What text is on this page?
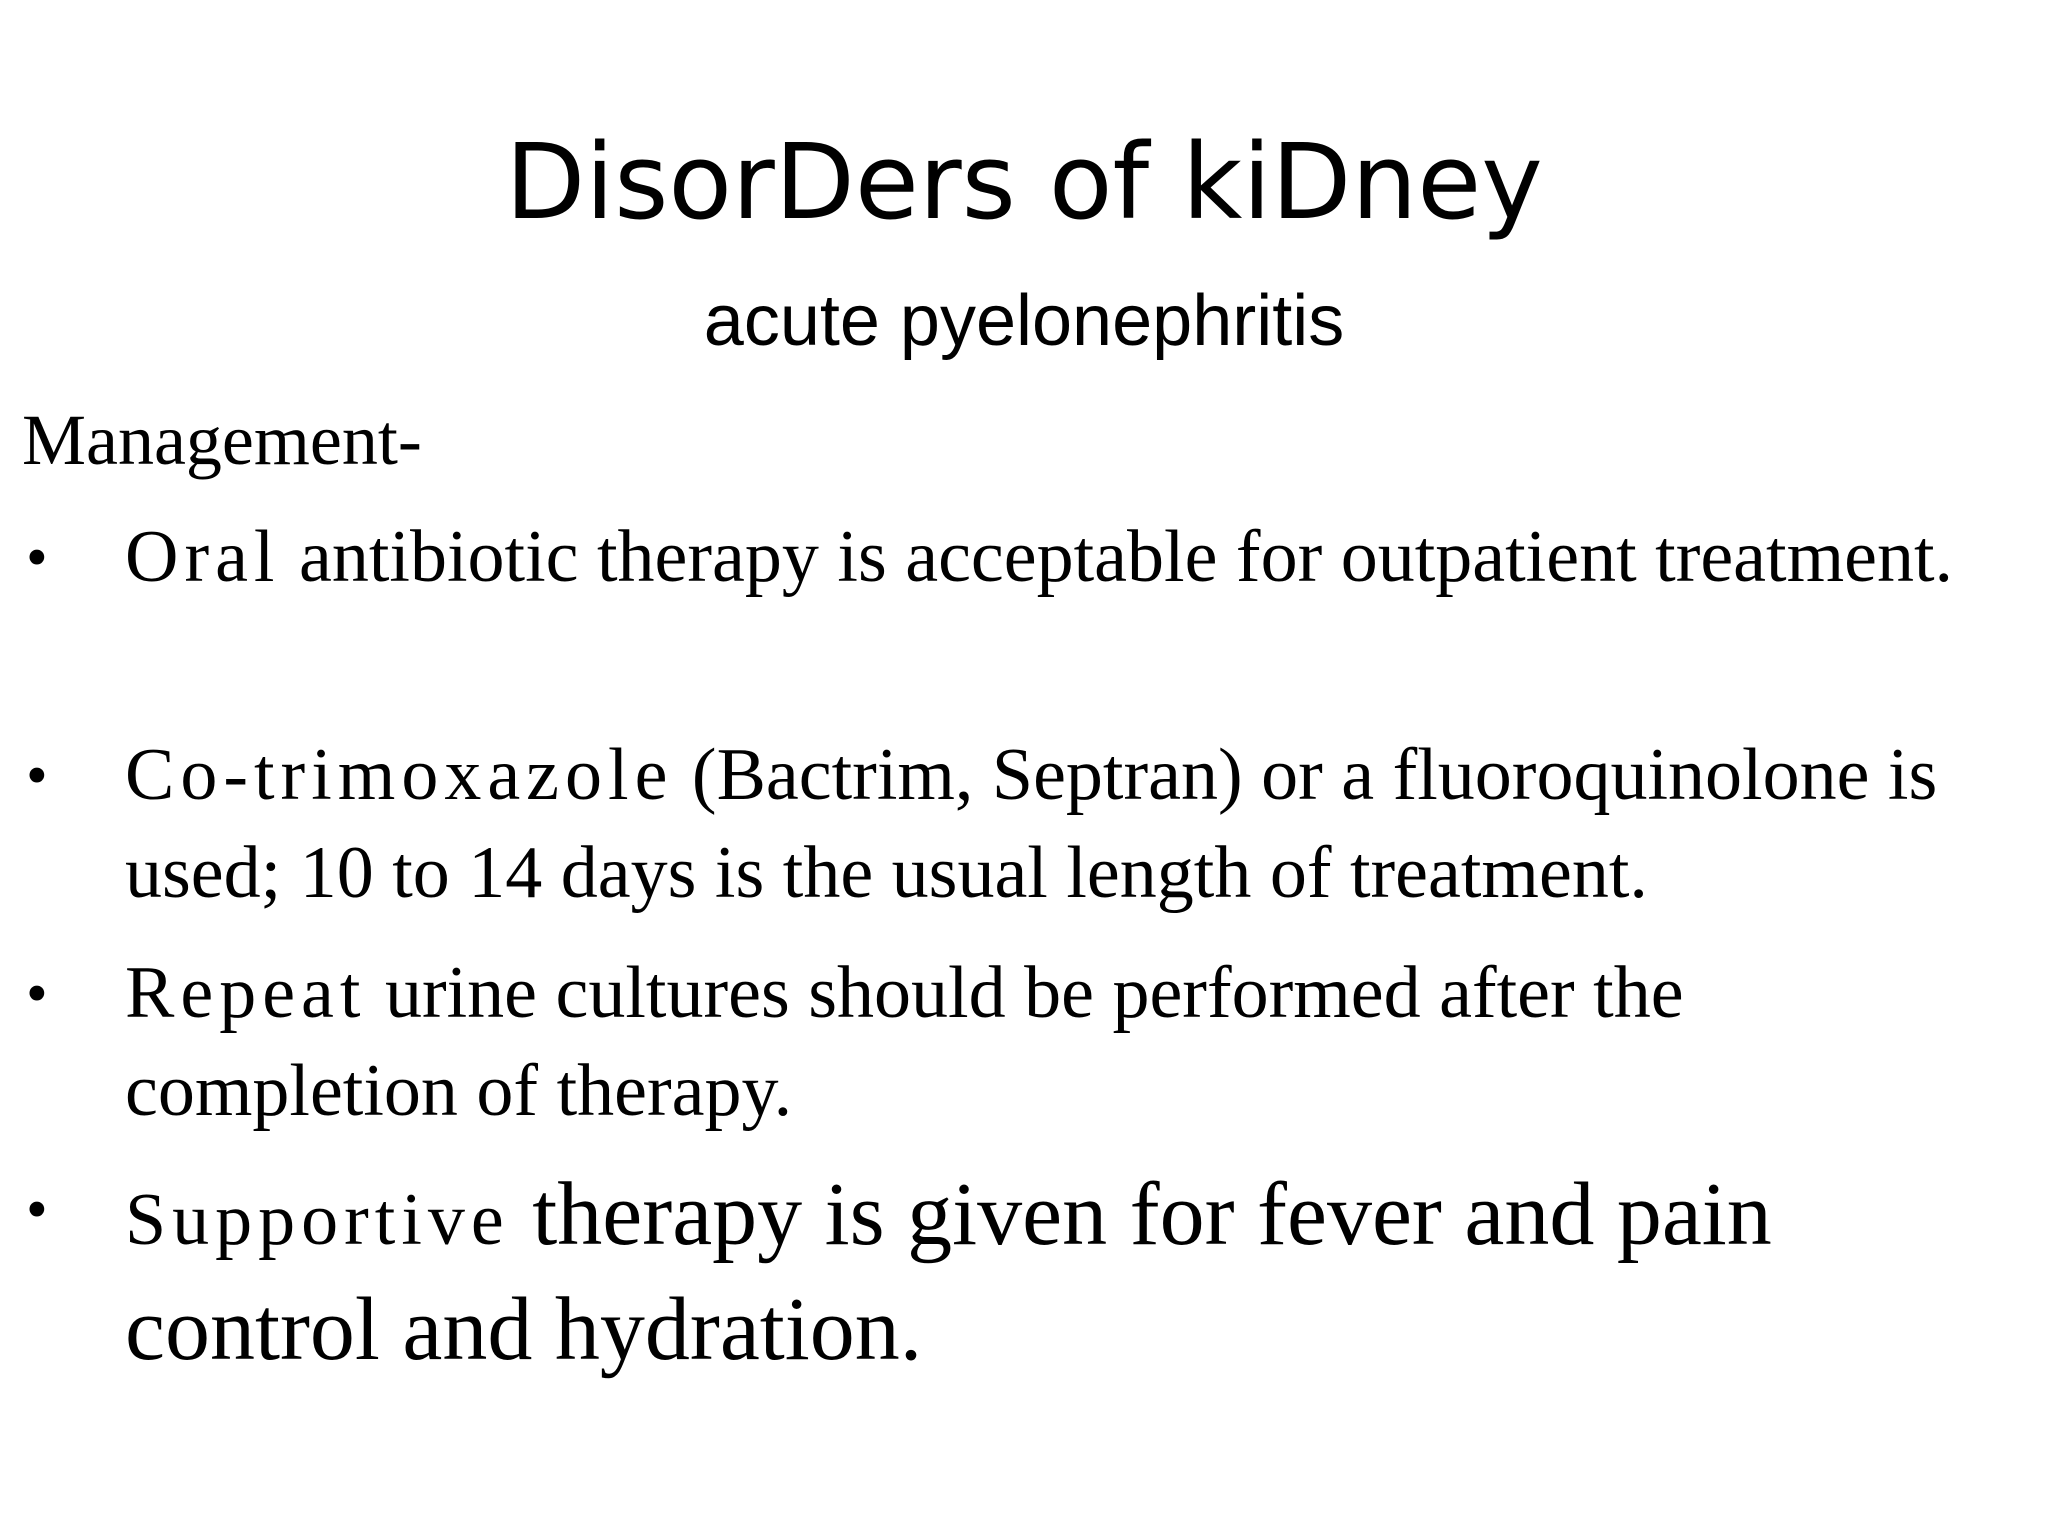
DisorDers of kiDney
acute pyelonephritis
Management-
• Oral antibiotic therapy is acceptable for outpatient treatment.
• Co-trimoxazole (Bactrim, Septran) or a fluoroquinolone is used; 10 to 14 days is the usual length of treatment.
• Repeat urine cultures should be performed after the completion of therapy.
• Supportive therapy is given for fever and pain control and hydration.
